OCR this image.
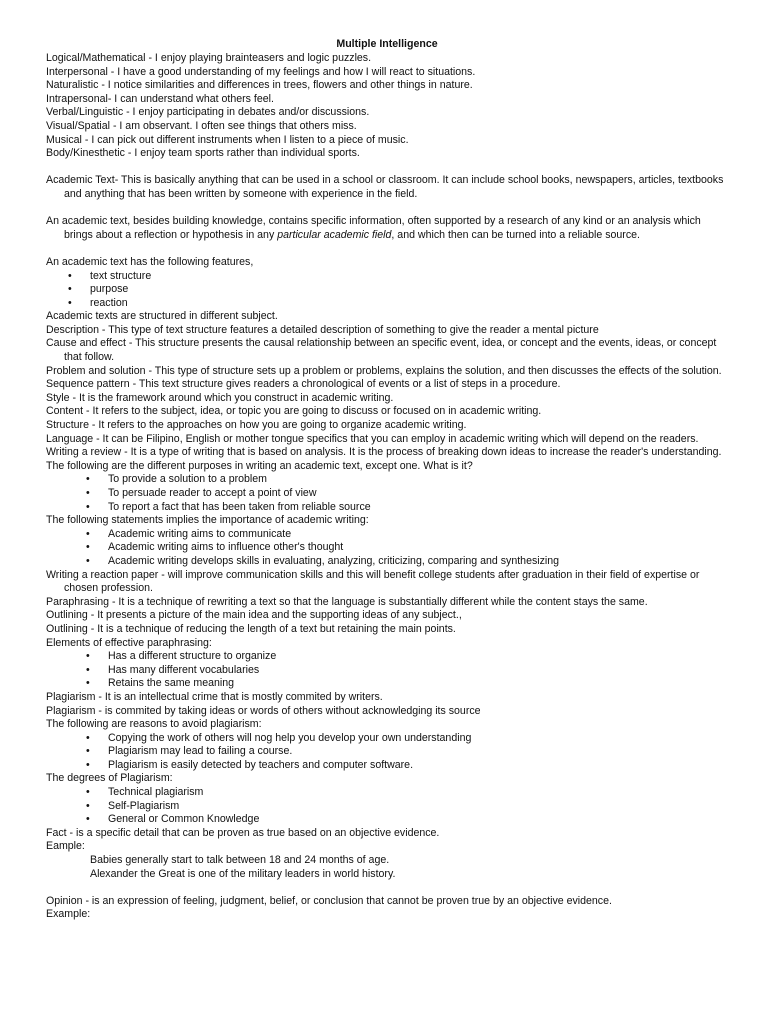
Multiple Intelligence

Logical/Mathematical - I enjoy playing brainteasers and logic puzzles.

Interpersonal - I have a good understanding of my feelings and how I will react to situations.

Naturalistic - I notice similarities and differences in trees, flowers and other things in nature.

Intrapersonal- I can understand what others feel.

Verbal/Linguistic - I enjoy participating in debates and/or discussions.

Visual/Spatial - I am observant. I often see things that others miss.

Musical - I can pick out different instruments when I listen to a piece of music.

Body/Kinesthetic - I enjoy team sports rather than individual sports.

Academic Text- This is basically anything that can be used in a school or classroom. It can include school books, newspapers, articles, textbooks and anything that has been written by someone with experience in the field.

An academic text, besides building knowledge, contains specific information, often supported by a research of any kind or an analysis which brings about a reflection or hypothesis in any particular academic field, and which then can be turned into a reliable source.

An academic text has the following features,

• text structure
• purpose
• reaction

Academic texts are structured in different subject.

Description - This type of text structure features a detailed description of something to give the reader a mental picture

Cause and effect - This structure presents the causal relationship between an specific event, idea, or concept and the events, ideas, or concept that follow.

Problem and solution - This type of structure sets up a problem or problems, explains the solution, and then discusses the effects of the solution.

Sequence pattern - This text structure gives readers a chronological of events or a list of steps in a procedure.

Style - It is the framework around which you construct in academic writing.

Content - It refers to the subject, idea, or topic you are going to discuss or focused on in academic writing.

Structure - It refers to the approaches on how you are going to organize academic writing.

Language - It can be Filipino, English or mother tongue specifics that you can employ in academic writing which will depend on the readers.

Writing a review - It is a type of writing that is based on analysis. It is the process of breaking down ideas to increase the reader's understanding.

The following are the different purposes in writing an academic text, except one. What is it?

• To provide a solution to a problem
• To persuade reader to accept a point of view
• To report a fact that has been taken from reliable source

The following statements implies the importance of academic writing:

• Academic writing aims to communicate
• Academic writing aims to influence other's thought
• Academic writing develops skills in evaluating, analyzing, criticizing, comparing and synthesizing

Writing a reaction paper - will improve communication skills and this will benefit college students after graduation in their field of expertise or chosen profession.

Paraphrasing - It is a technique of rewriting a text so that the language is substantially different while the content stays the same.

Outlining - It presents a picture of the main idea and the supporting ideas of any subject.,

Outlining - It is a technique of reducing the length of a text but retaining the main points.

Elements of effective paraphrasing:

• Has a different structure to organize
• Has many different vocabularies
• Retains the same meaning

Plagiarism - It is an intellectual crime that is mostly commited by writers.

Plagiarism - is commited by taking ideas or words of others without acknowledging its source

The following are reasons to avoid plagiarism:

• Copying the work of others will nog help you develop your own understanding
• Plagiarism may lead to failing a course.
• Plagiarism is easily detected by teachers and computer software.

The degrees of Plagiarism:

• Technical plagiarism
• Self-Plagiarism
• General or Common Knowledge

Fact - is a specific detail that can be proven as true based on an objective evidence.

Eample:

Babies generally start to talk between 18 and 24 months of age.

Alexander the Great is one of the military leaders in world history.

Opinion - is an expression of feeling, judgment, belief, or conclusion that cannot be proven true by an objective evidence.

Example:
